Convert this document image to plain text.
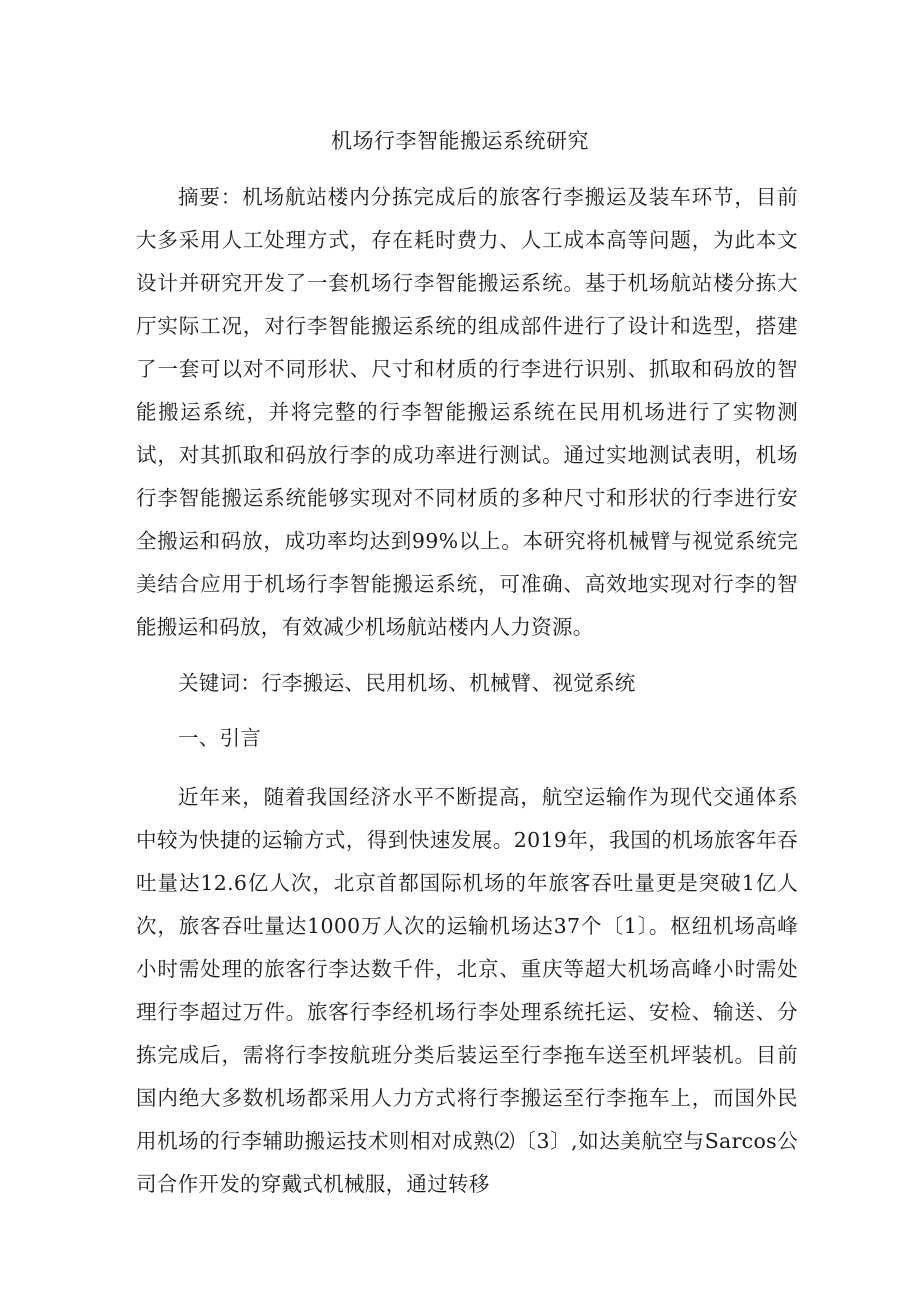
机场行李智能搬运系统研究
摘要：机场航站楼内分拣完成后的旅客行李搬运及装车环节，目前大多采用人工处理方式，存在耗时费力、人工成本高等问题，为此本文设计并研究开发了一套机场行李智能搬运系统。基于机场航站楼分拣大厅实际工况，对行李智能搬运系统的组成部件进行了设计和选型，搭建了一套可以对不同形状、尺寸和材质的行李进行识别、抓取和码放的智能搬运系统，并将完整的行李智能搬运系统在民用机场进行了实物测试，对其抓取和码放行李的成功率进行测试。通过实地测试表明，机场行李智能搬运系统能够实现对不同材质的多种尺寸和形状的行李进行安全搬运和码放，成功率均达到99%以上。本研究将机械臂与视觉系统完美结合应用于机场行李智能搬运系统，可准确、高效地实现对行李的智能搬运和码放，有效减少机场航站楼内人力资源。
关键词：行李搬运、民用机场、机械臂、视觉系统
一、引言
近年来，随着我国经济水平不断提高，航空运输作为现代交通体系中较为快捷的运输方式，得到快速发展。2019年，我国的机场旅客年吞吐量达12.6亿人次，北京首都国际机场的年旅客吞吐量更是突破1亿人次，旅客吞吐量达1000万人次的运输机场达37个〔1〕。枢纽机场高峰小时需处理的旅客行李达数千件，北京、重庆等超大机场高峰小时需处理行李超过万件。旅客行李经机场行李处理系统托运、安检、输送、分拣完成后，需将行李按航班分类后装运至行李拖车送至机坪装机。目前国内绝大多数机场都采用人力方式将行李搬运至行李拖车上，而国外民用机场的行李辅助搬运技术则相对成熟⑵〔3〕,如达美航空与Sarcos公司合作开发的穿戴式机械服，通过转移
